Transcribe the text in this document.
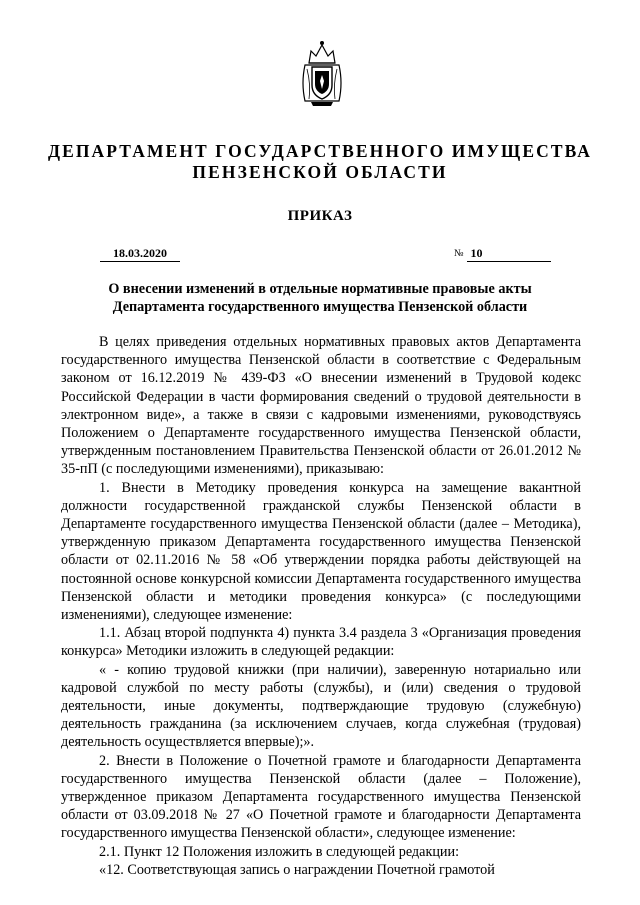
ДЕПАРТАМЕНТ ГОСУДАРСТВЕННОГО ИМУЩЕСТВА
ПЕНЗЕНСКОЙ ОБЛАСТИ
ПРИКАЗ
18.03.2020	№ 10
О внесении изменений в отдельные нормативные правовые акты
Департамента государственного имущества Пензенской области

В целях приведения отдельных нормативных правовых актов Департамента государственного имущества Пензенской области в соответствие с Федеральным законом от 16.12.2019 № 439-ФЗ «О внесении изменений в Трудовой кодекс Российской Федерации в части формирования сведений о трудовой деятельности в электронном виде», а также в связи с кадровыми изменениями, руководствуясь Положением о Департаменте государственного имущества Пензенской области, утвержденным постановлением Правительства Пензенской области от 26.01.2012 № 35-пП (с последующими изменениями), приказываю:

1. Внести в Методику проведения конкурса на замещение вакантной должности государственной гражданской службы Пензенской области в Департаменте государственного имущества Пензенской области (далее – Методика), утвержденную приказом Департамента государственного имущества Пензенской области от 02.11.2016 № 58 «Об утверждении порядка работы действующей на постоянной основе конкурсной комиссии Департамента государственного имущества Пензенской области и методики проведения конкурса» (с последующими изменениями), следующее изменение:

1.1. Абзац второй подпункта 4) пункта 3.4 раздела 3 «Организация проведения конкурса» Методики изложить в следующей редакции:

« - копию трудовой книжки (при наличии), заверенную нотариально или кадровой службой по месту работы (службы), и (или) сведения о трудовой деятельности, иные документы, подтверждающие трудовую (служебную) деятельность гражданина (за исключением случаев, когда служебная (трудовая) деятельность осуществляется впервые);».

2. Внести в Положение о Почетной грамоте и благодарности Департамента государственного имущества Пензенской области (далее – Положение), утвержденное приказом Департамента государственного имущества Пензенской области от 03.09.2018 № 27 «О Почетной грамоте и благодарности Департамента государственного имущества Пензенской области», следующее изменение:

2.1. Пункт 12 Положения изложить в следующей редакции:

«12. Соответствующая запись о награждении Почетной грамотой
